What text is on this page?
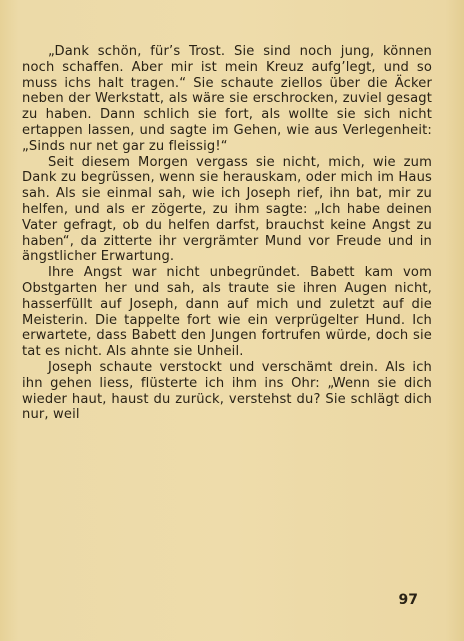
„Dank schön, für’s Trost. Sie sind noch jung, können noch schaffen. Aber mir ist mein Kreuz aufg’legt, und so muss ichs halt tragen.“ Sie schaute ziellos über die Äcker neben der Werkstatt, als wäre sie erschrocken, zuviel gesagt zu haben. Dann schlich sie fort, als wollte sie sich nicht ertappen lassen, und sagte im Gehen, wie aus Verlegenheit: „Sinds nur net gar zu fleissig!“

Seit diesem Morgen vergass sie nicht, mich, wie zum Dank zu begrüssen, wenn sie herauskam, oder mich im Haus sah. Als sie einmal sah, wie ich Joseph rief, ihn bat, mir zu helfen, und als er zögerte, zu ihm sagte: „Ich habe deinen Vater gefragt, ob du helfen darfst, brauchst keine Angst zu haben“, da zitterte ihr vergrämter Mund vor Freude und in ängstlicher Erwartung.

Ihre Angst war nicht unbegründet. Babett kam vom Obstgarten her und sah, als traute sie ihren Augen nicht, hasserfüllt auf Joseph, dann auf mich und zuletzt auf die Meisterin. Die tappelte fort wie ein verprügelter Hund. Ich erwartete, dass Babett den Jungen fortrufen würde, doch sie tat es nicht. Als ahnte sie Unheil.

Joseph schaute verstockt und verschämt drein. Als ich ihn gehen liess, flüsterte ich ihm ins Ohr: „Wenn sie dich wieder haut, haust du zurück, verstehst du? Sie schlägt dich nur, weil

97
